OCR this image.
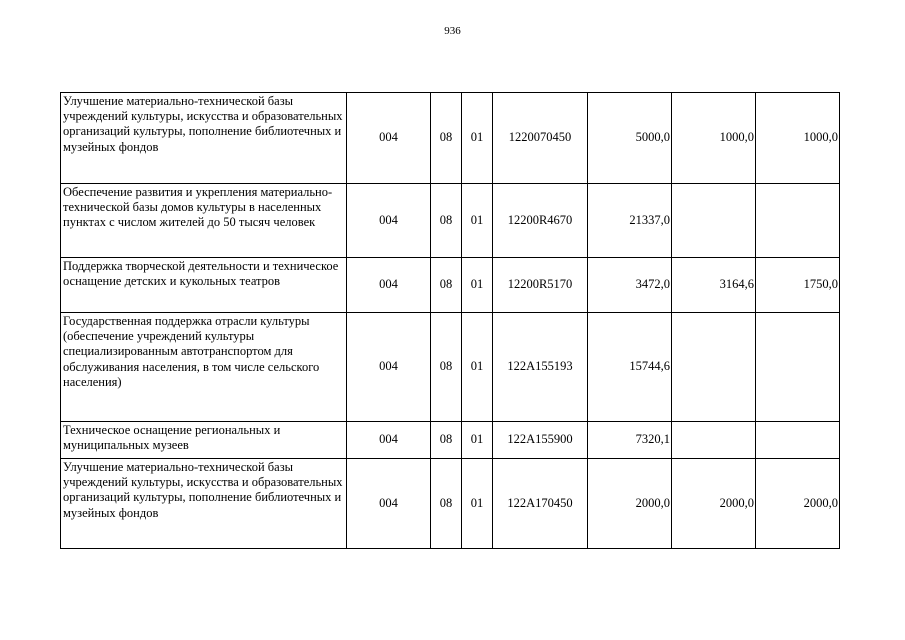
936
Улучшение материально-технической базы учреждений культуры, искусства и образовательных организаций культуры, пополнение библиотечных и музейных фондов	004	08	01	1220070450	5000,0	1000,0	1000,0
Обеспечение развития и укрепления материально-технической базы домов культуры в населенных пунктах с числом жителей до 50 тысяч человек	004	08	01	12200R4670	21337,0		
Поддержка творческой деятельности и техническое оснащение детских и кукольных театров	004	08	01	12200R5170	3472,0	3164,6	1750,0
Государственная поддержка отрасли культуры (обеспечение учреждений культуры специализированным автотранспортом для обслуживания населения, в том числе сельского населения)	004	08	01	122A155193	15744,6		
Техническое оснащение региональных и муниципальных музеев	004	08	01	122A155900	7320,1		
Улучшение материально-технической базы учреждений культуры, искусства и образовательных организаций культуры, пополнение библиотечных и музейных фондов	004	08	01	122A170450	2000,0	2000,0	2000,0
